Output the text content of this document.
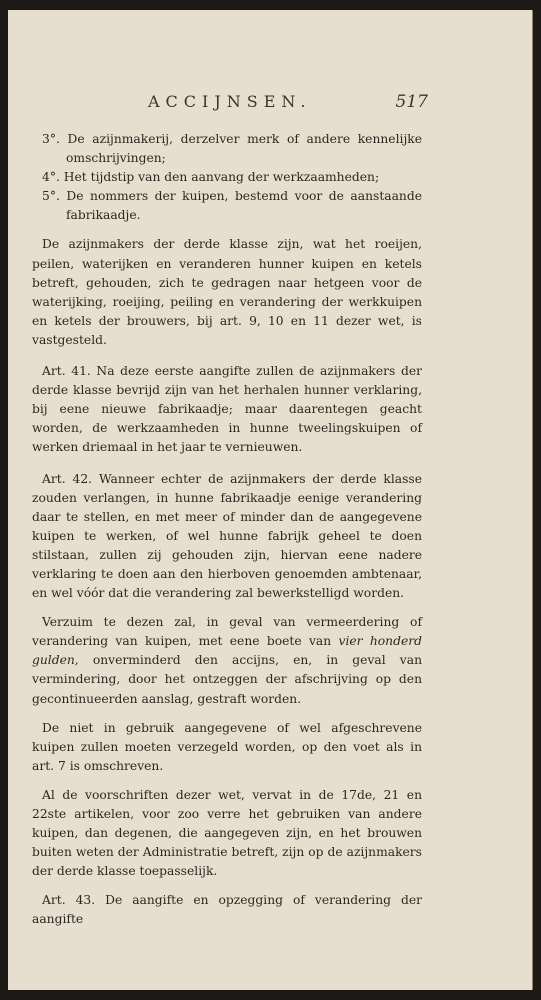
ACCIJNSEN.	517

3°. De azijnmakerij, derzelver merk of andere kennelijke omschrijvingen;

4°. Het tijdstip van den aanvang der werkzaamheden;

5°. De nommers der kuipen, bestemd voor de aanstaande fabrikaadje.

De azijnmakers der derde klasse zijn, wat het roeijen, peilen, waterijken en veranderen hunner kuipen en ketels betreft, gehouden, zich te gedragen naar hetgeen voor de waterijking, roeijing, peiling en verandering der werkkuipen en ketels der brouwers, bij art. 9, 10 en 11 dezer wet, is vastgesteld.

Art. 41. Na deze eerste aangifte zullen de azijnmakers der derde klasse bevrijd zijn van het herhalen hunner verklaring, bij eene nieuwe fabrikaadje; maar daarentegen geacht worden, de werkzaamheden in hunne tweelingskuipen of werken driemaal in het jaar te vernieuwen.

Art. 42. Wanneer echter de azijnmakers der derde klasse zouden verlangen, in hunne fabrikaadje eenige verandering daar te stellen, en met meer of minder dan de aangegevene kuipen te werken, of wel hunne fabrijk geheel te doen stilstaan, zullen zij gehouden zijn, hiervan eene nadere verklaring te doen aan den hierboven genoemden ambtenaar, en wel vóór dat die verandering zal bewerkstelligd worden.

Verzuim te dezen zal, in geval van vermeerdering of verandering van kuipen, met eene boete van vier honderd gulden, onverminderd den accijns, en, in geval van vermindering, door het ontzeggen der afschrijving op den gecontinueerden aanslag, gestraft worden.

De niet in gebruik aangegevene of wel afgeschrevene kuipen zullen moeten verzegeld worden, op den voet als in art. 7 is omschreven.

Al de voorschriften dezer wet, vervat in de 17de, 21 en 22ste artikelen, voor zoo verre het gebruiken van andere kuipen, dan degenen, die aangegeven zijn, en het brouwen buiten weten der Administratie betreft, zijn op de azijnmakers der derde klasse toepasselijk.

Art. 43. De aangifte en opzegging of verandering der aangifte
